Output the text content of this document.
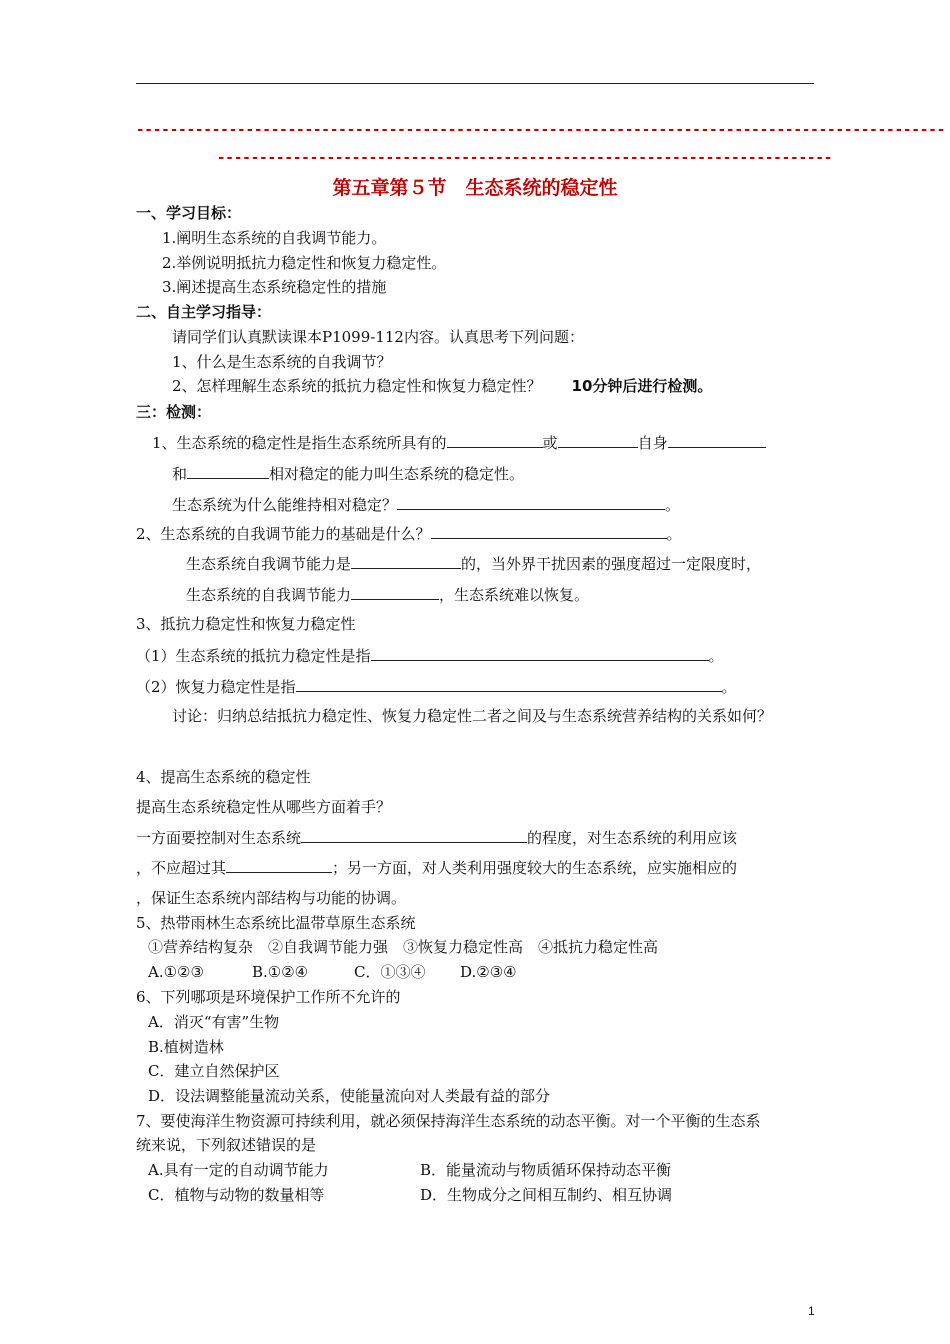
------------------------------------------------------------------------------------------------
-------------------------------------------------------------------------
第五章第５节　生态系统的稳定性
一、学习目标：
1.阐明生态系统的自我调节能力。
2.举例说明抵抗力稳定性和恢复力稳定性。
3.阐述提高生态系统稳定性的措施
二、自主学习指导：
请同学们认真默读课本P1099-112内容。认真思考下列问题：
1、什么是生态系统的自我调节？
2、怎样理解生态系统的抵抗力稳定性和恢复力稳定性？ 10分钟后进行检测。
三：检测：
1、生态系统的稳定性是指生态系统所具有的	或	自身
和	相对稳定的能力叫生态系统的稳定性。
生态系统为什么能维持相对稳定？	。
2、生态系统的自我调节能力的基础是什么？	。
生态系统自我调节能力是	的，当外界干扰因素的强度超过一定限度时，
生态系统的自我调节能力	，生态系统难以恢复。
3、抵抗力稳定性和恢复力稳定性
（1）生态系统的抵抗力稳定性是指	。
（2）恢复力稳定性是指	。
讨论：归纳总结抵抗力稳定性、恢复力稳定性二者之间及与生态系统营养结构的关系如何？
4、提高生态系统的稳定性
提高生态系统稳定性从哪些方面着手？
一方面要控制对生态系统	的程度，对生态系统的利用应该
，不应超过其	；另一方面，对人类利用强度较大的生态系统，应实施相应的
，保证生态系统内部结构与功能的协调。
5、热带雨林生态系统比温带草原生态系统
①营养结构复杂　②自我调节能力强　③恢复力稳定性高　④抵抗力稳定性高
A.①②③	B.①②④	C．①③④ D.②③④
6、下列哪项是环境保护工作所不允许的
A．消灭“有害”生物
B.植树造林
C．建立自然保护区
D．设法调整能量流动关系，使能量流向对人类最有益的部分
7、要使海洋生物资源可持续利用，就必须保持海洋生态系统的动态平衡。对一个平衡的生态系
统来说，下列叙述错误的是
A.具有一定的自动调节能力	B．能量流动与物质循环保持动态平衡
C．植物与动物的数量相等	D．生物成分之间相互制约、相互协调
1
